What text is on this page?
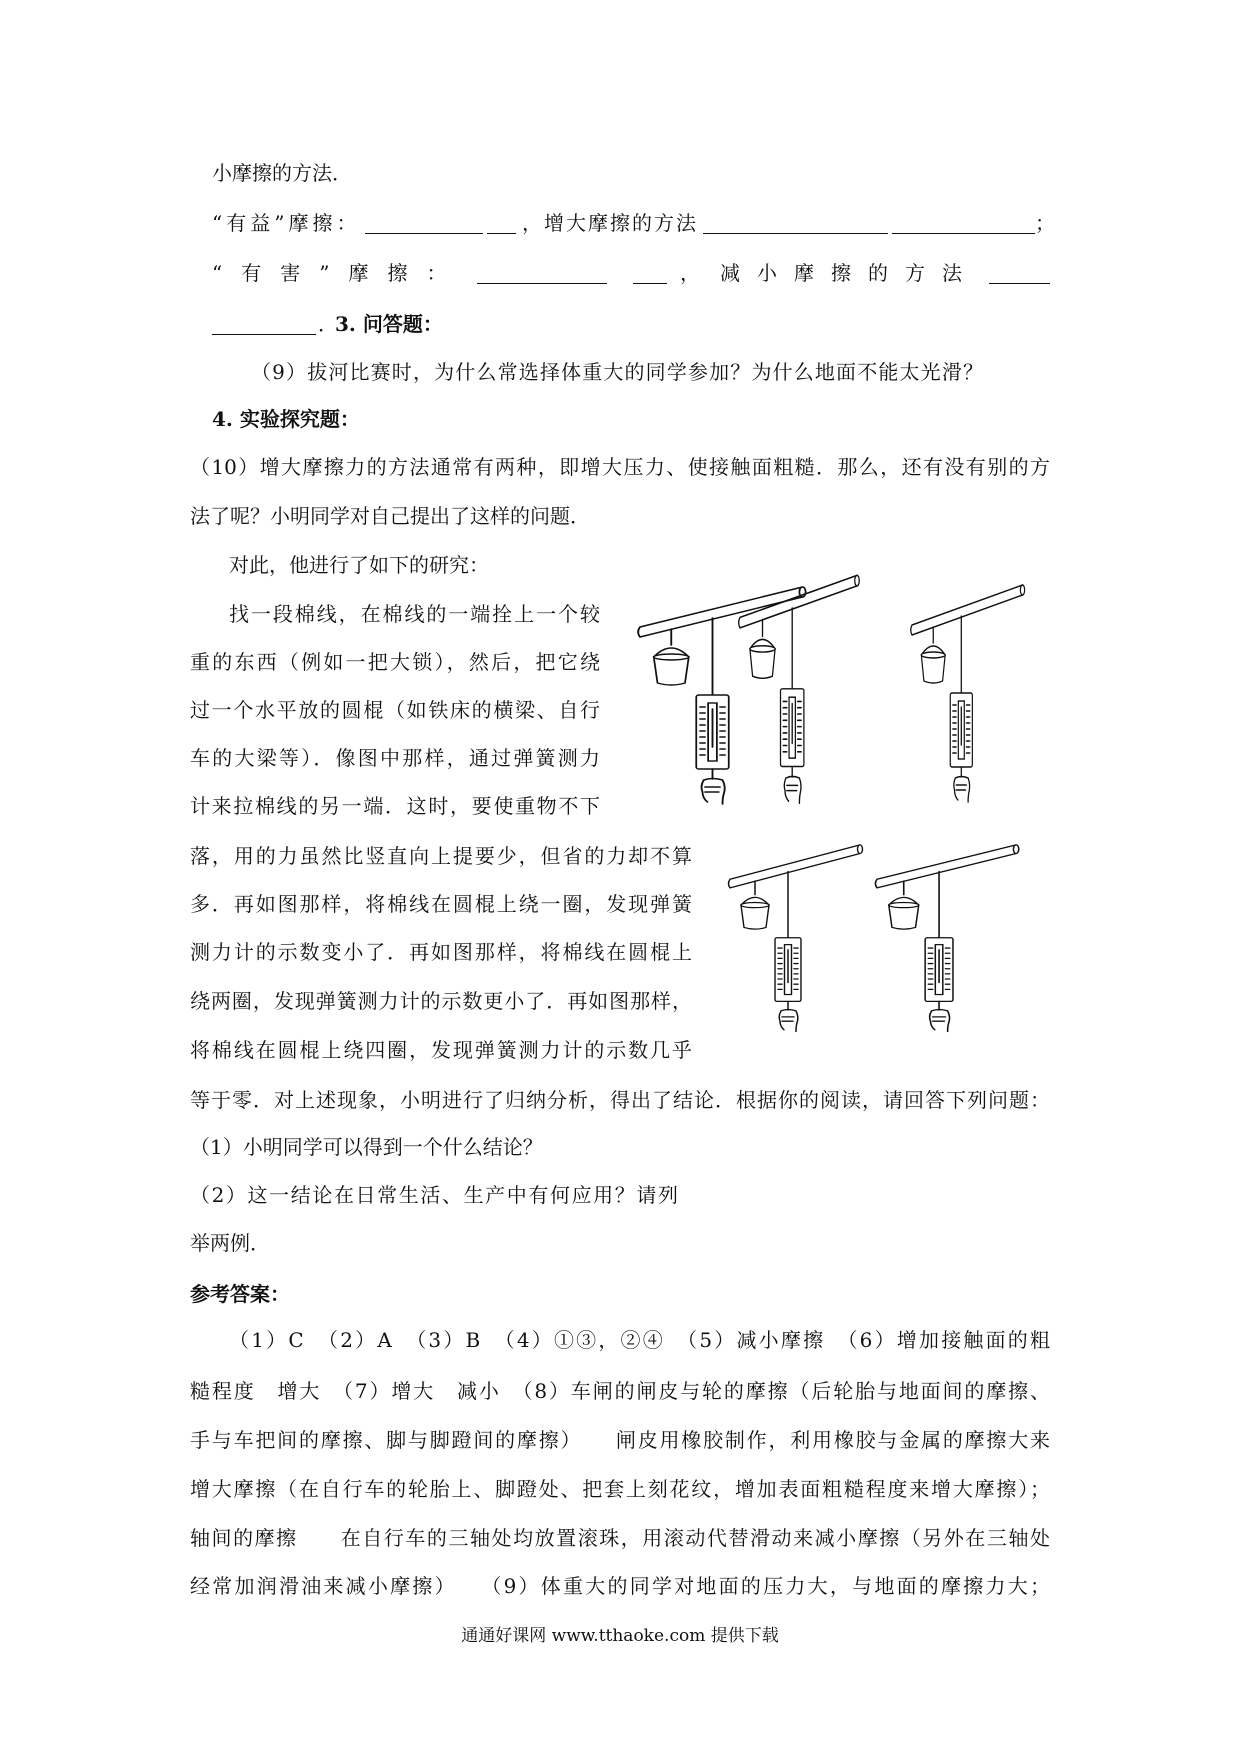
小摩擦的方法．
“有益”摩擦：	，增大摩擦的方法	；
“有害”摩擦：	， 减小摩擦的方法
．
3. 问答题：
（9）拔河比赛时，为什么常选择体重大的同学参加？为什么地面不能太光滑？
4. 实验探究题：
（10）增大摩擦力的方法通常有两种，即增大压力、使接触面粗糙．那么，还有没有别的方
法了呢？小明同学对自己提出了这样的问题．
对此，他进行了如下的研究：
找一段棉线，在棉线的一端拴上一个较
重的东西（例如一把大锁），然后，把它绕
过一个水平放的圆棍（如铁床的横梁、自行
车的大梁等）．像图中那样，通过弹簧测力
计来拉棉线的另一端．这时，要使重物不下
落，用的力虽然比竖直向上提要少，但省的力却不算
多．再如图那样，将棉线在圆棍上绕一圈，发现弹簧
测力计的示数变小了．再如图那样，将棉线在圆棍上
绕两圈，发现弹簧测力计的示数更小了．再如图那样，
将棉线在圆棍上绕四圈，发现弹簧测力计的示数几乎
等于零．对上述现象，小明进行了归纳分析，得出了结论．根据你的阅读，请回答下列问题：
（1）小明同学可以得到一个什么结论？
（2）这一结论在日常生活、生产中有何应用？请列
举两例．
参考答案：
（1）C　（2）A　（3）B　（4）①③，②④　（5）减小摩擦　（6）增加接触面的粗
糙程度　增大　（7）增大　减小　（8）车闸的闸皮与轮的摩擦（后轮胎与地面间的摩擦、
手与车把间的摩擦、脚与脚蹬间的摩擦）　　闸皮用橡胶制作，利用橡胶与金属的摩擦大来
增大摩擦（在自行车的轮胎上、脚蹬处、把套上刻花纹，增加表面粗糙程度来增大摩擦）；
轴间的摩擦　　在自行车的三轴处均放置滚珠，用滚动代替滑动来减小摩擦（另外在三轴处
经常加润滑油来减小摩擦）　　（9）体重大的同学对地面的压力大，与地面的摩擦力大；
通通好课网 www.tthaoke.com 提供下载
